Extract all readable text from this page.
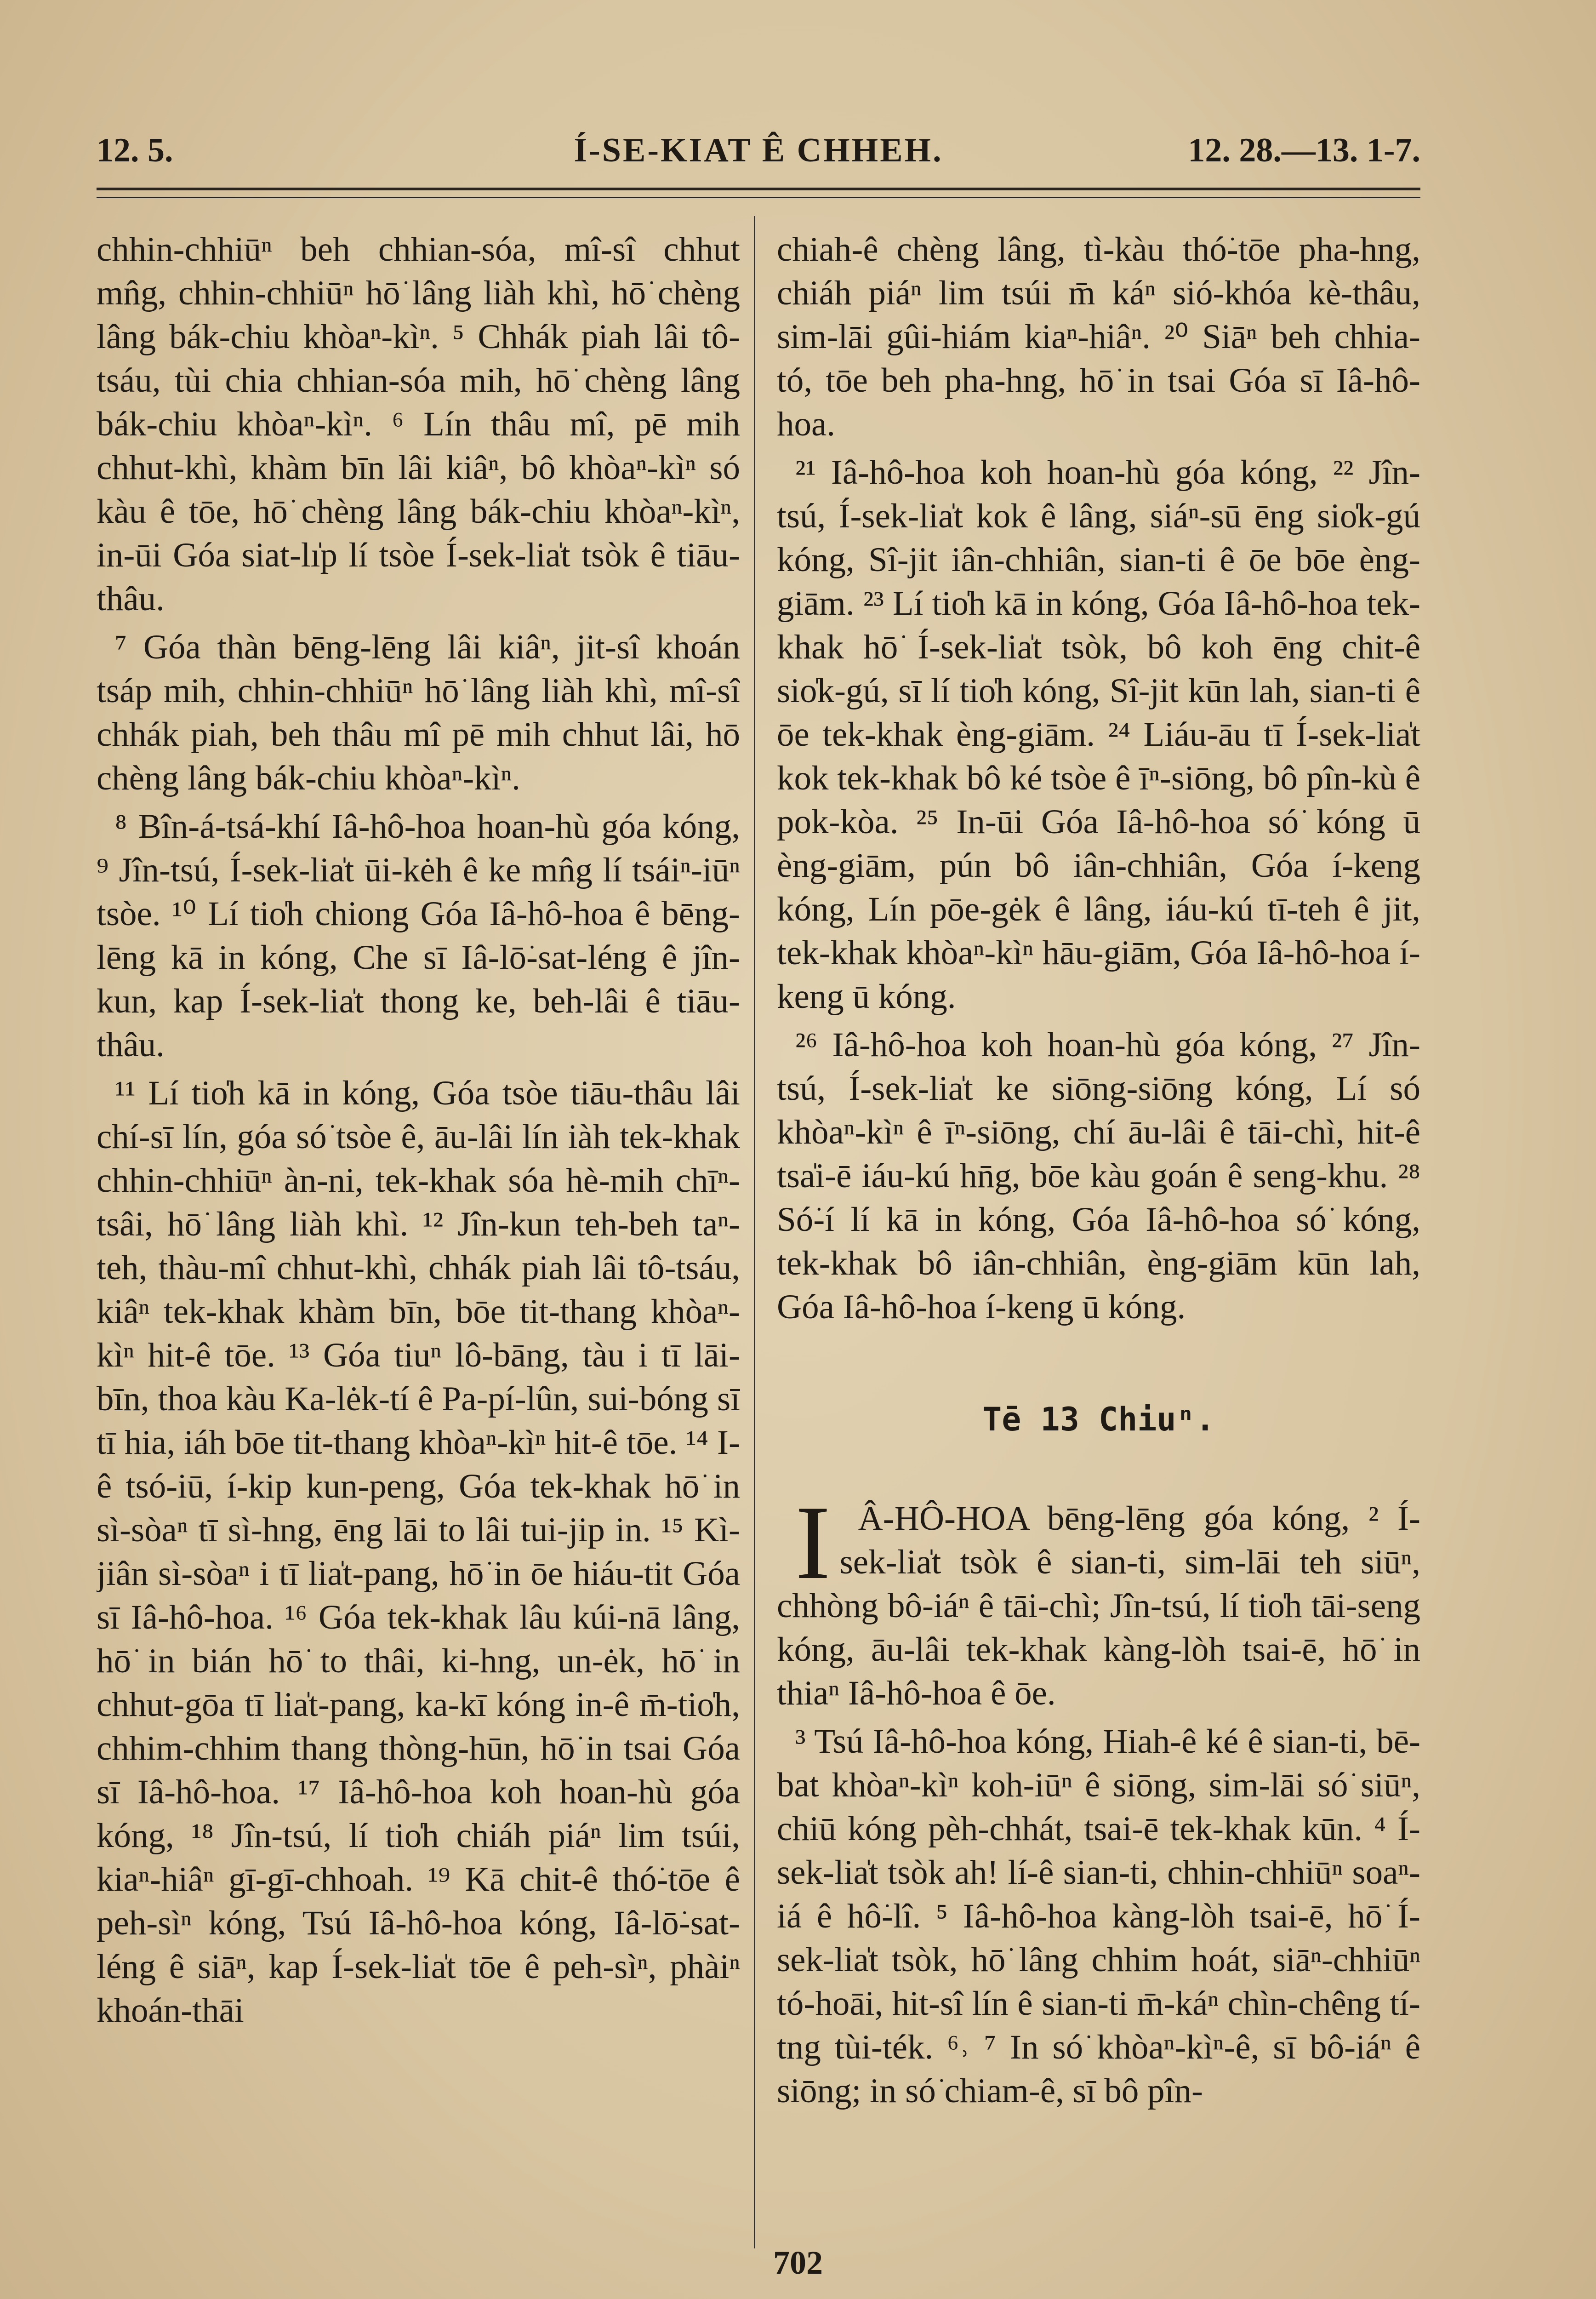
12. 5.	Í-SE-KIAT Ê CHHEH.	12. 28.—13. 1-7.

chhin-chhiūⁿ beh chhian-sóa, mî-sî chhut mn̂g, chhin-chhiūⁿ hō͘ lâng liàh khì, hō͘ chèng lâng bák-chiu khòaⁿ-kìⁿ. ⁵ Chhák piah lâi tô-tsáu, tùi chia chhian-sóa mih, hō͘ chèng lâng bák-chiu khòaⁿ-kìⁿ. ⁶ Lín thâu mî, pē mih chhut-khì, khàm bīn lâi kiâⁿ, bô khòaⁿ-kìⁿ só͘ kàu ê tōe, hō͘ chèng lâng bák-chiu khòaⁿ-kìⁿ, in-ūi Góa siat-lı̍p lí tsòe Í-sek-lia̍t tsòk ê tiāu-thâu.

⁷ Góa thàn bēng-lēng lâi kiâⁿ, jit-sî khoán tsáp mih, chhin-chhiūⁿ hō͘ lâng liàh khì, mî-sî chhák piah, beh thâu mî pē mih chhut lâi, hō͘ chèng lâng bák-chiu khòaⁿ-kìⁿ.

⁸ Bîn-á-tsá-khí Iâ-hô-hoa hoan-hù góa kóng, ⁹ Jîn-tsú, Í-sek-lia̍t ūi-kėh ê ke mn̂g lí tsáiⁿ-iūⁿ tsòe. ¹⁰ Lí tio̍h chiong Góa Iâ-hô-hoa ê bēng-lēng kā in kóng, Che sī Iâ-lō͘-sat-léng ê jîn-kun, kap Í-sek-lia̍t thong ke, beh-lâi ê tiāu-thâu.

¹¹ Lí tio̍h kā in kóng, Góa tsòe tiāu-thâu lâi chí-sī lín, góa só͘ tsòe ê, āu-lâi lín iàh tek-khak chhin-chhiūⁿ àn-ni, tek-khak sóa hè-mih chīⁿ-tsâi, hō͘ lâng liàh khì. ¹² Jîn-kun teh-beh taⁿ-teh, thàu-mî chhut-khì, chhák piah lâi tô-tsáu, kiâⁿ tek-khak khàm bīn, bōe tit-thang khòaⁿ-kìⁿ hit-ê tōe. ¹³ Góa tiuⁿ lô-bāng, tàu i tī lāi-bīn, thoa kàu Ka-lėk-tí ê Pa-pí-lûn, sui-bóng sī tī hia, iáh bōe tit-thang khòaⁿ-kìⁿ hit-ê tōe. ¹⁴ I-ê tsó-iū, í-kip kun-peng, Góa tek-khak hō͘ in sì-sòaⁿ tī sì-hng, ēng lāi to lâi tui-jip in. ¹⁵ Kì-jiân sì-sòaⁿ i tī lia̍t-pang, hō͘ in ōe hiáu-tit Góa sī Iâ-hô-hoa. ¹⁶ Góa tek-khak lâu kúi-nā lâng, hō͘ in bián hō͘ to thâi, ki-hng, un-ėk, hō͘ in chhut-gōa tī lia̍t-pang, ka-kī kóng in-ê m̄-tio̍h, chhim-chhim thang thòng-hūn, hō͘ in tsai Góa sī Iâ-hô-hoa. ¹⁷ Iâ-hô-hoa koh hoan-hù góa kóng, ¹⁸ Jîn-tsú, lí tio̍h chiáh piáⁿ lim tsúi, kiaⁿ-hiâⁿ gī-gī-chhoah. ¹⁹ Kā chit-ê thó͘-tōe ê peh-sìⁿ kóng, Tsú Iâ-hô-hoa kóng, Iâ-lō͘-sat-léng ê siāⁿ, kap Í-sek-lia̍t tōe ê peh-sìⁿ, phàiⁿ khoán-thāi

chiah-ê chèng lâng, tì-kàu thó͘-tōe pha-hng, chiáh piáⁿ lim tsúi m̄ káⁿ sió-khóa kè-thâu, sim-lāi gûi-hiám kiaⁿ-hiâⁿ. ²⁰ Siāⁿ beh chhia-tó, tōe beh pha-hng, hō͘ in tsai Góa sī Iâ-hô-hoa.

²¹ Iâ-hô-hoa koh hoan-hù góa kóng, ²² Jîn-tsú, Í-sek-lia̍t kok ê lâng, siáⁿ-sū ēng sio̍k-gú kóng, Sî-jit iân-chhiân, sian-ti ê ōe bōe èng-giām. ²³ Lí tio̍h kā in kóng, Góa Iâ-hô-hoa tek-khak hō͘ Í-sek-lia̍t tsòk, bô koh ēng chit-ê sio̍k-gú, sī lí tio̍h kóng, Sî-jit kūn lah, sian-ti ê ōe tek-khak èng-giām. ²⁴ Liáu-āu tī Í-sek-lia̍t kok tek-khak bô ké tsòe ê īⁿ-siōng, bô pîn-kù ê pok-kòa. ²⁵ In-ūi Góa Iâ-hô-hoa só͘ kóng ū èng-giām, pún bô iân-chhiân, Góa í-keng kóng, Lín pōe-gėk ê lâng, iáu-kú tī-teh ê jit, tek-khak khòaⁿ-kìⁿ hāu-giām, Góa Iâ-hô-hoa í-keng ū kóng.

²⁶ Iâ-hô-hoa koh hoan-hù góa kóng, ²⁷ Jîn-tsú, Í-sek-lia̍t ke siōng-siōng kóng, Lí só͘ khòaⁿ-kìⁿ ê īⁿ-siōng, chí āu-lâi ê tāi-chì, hit-ê tsa̍i-ē iáu-kú hn̄g, bōe kàu goán ê seng-khu. ²⁸ Só͘-í lí kā in kóng, Góa Iâ-hô-hoa só͘ kóng, tek-khak bô iân-chhiân, èng-giām kūn lah, Góa Iâ-hô-hoa í-keng ū kóng.

Tē 13 Chiuⁿ.

I Â-HÔ-HOA bēng-lēng góa kóng, ² Í-sek-lia̍t tsòk ê sian-ti, sim-lāi teh siūⁿ, chhòng bô-iáⁿ ê tāi-chì; Jîn-tsú, lí tio̍h tāi-seng kóng, āu-lâi tek-khak kàng-lòh tsai-ē, hō͘ in thiaⁿ Iâ-hô-hoa ê ōe.

³ Tsú Iâ-hô-hoa kóng, Hiah-ê ké ê sian-ti, bē-bat khòaⁿ-kìⁿ koh-iūⁿ ê siōng, sim-lāi só͘ siūⁿ, chiū kóng pèh-chhát, tsai-ē tek-khak kūn. ⁴ Í-sek-lia̍t tsòk ah! lí-ê sian-ti, chhin-chhiūⁿ soaⁿ-iá ê hô͘-lî. ⁵ Iâ-hô-hoa kàng-lòh tsai-ē, hō͘ Í-sek-lia̍t tsòk, hō͘ lâng chhim hoát, siāⁿ-chhiūⁿ tó-hoāi, hit-sî lín ê sian-ti m̄-káⁿ chìn-chêng tí-tng tùi-ték. ⁶˒ ⁷ In só͘ khòaⁿ-kìⁿ-ê, sī bô-iáⁿ ê siōng; in só͘ chiam-ê, sī bô pîn-

702
